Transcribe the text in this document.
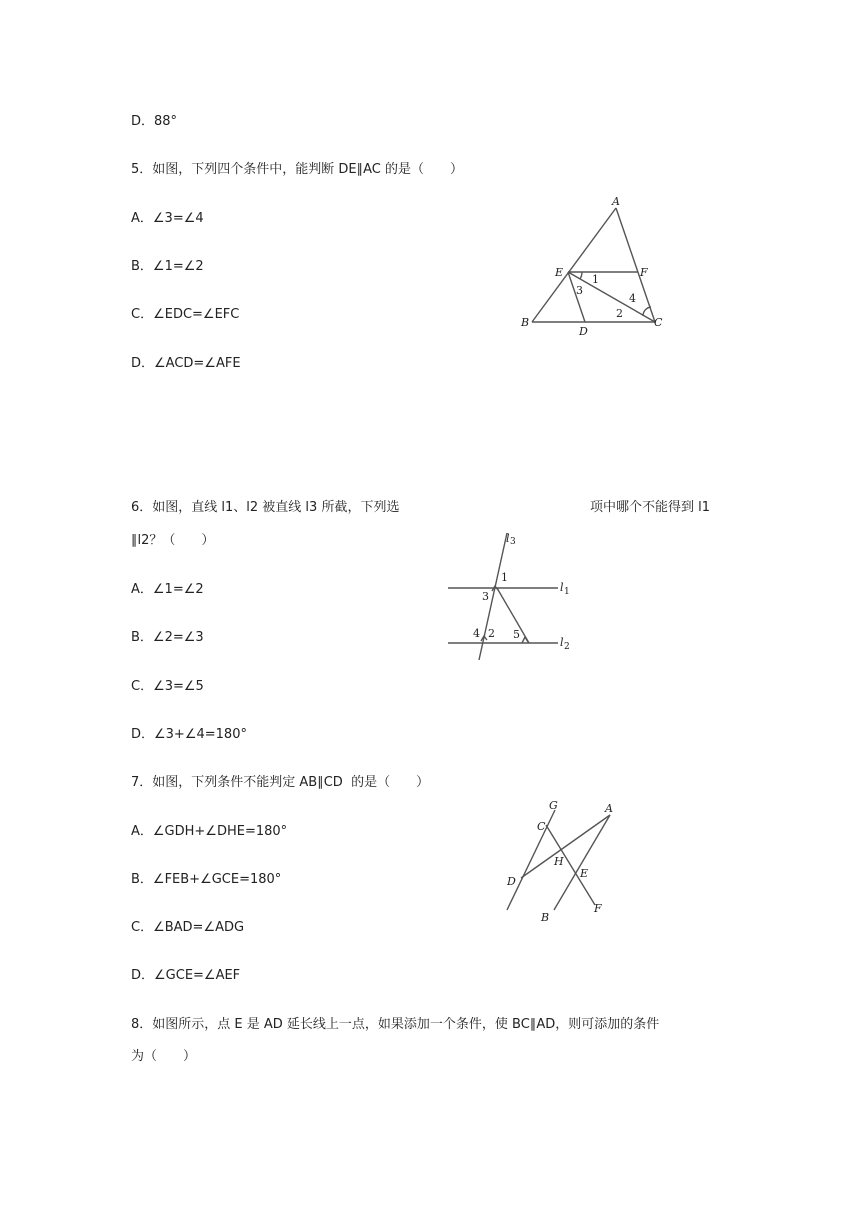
D．88°
5．如图，下列四个条件中，能判断 DE∥AC 的是（　　）
A．∠3=∠4
B．∠1=∠2
C．∠EDC=∠EFC
D．∠ACD=∠AFE
A
B	C
D
E	F
1
2
3
4
6．如图，直线 l1、l2 被直线 l3 所截，下列选	项中哪个不能得到 l1
∥l2？（　　）
A．∠1=∠2
B．∠2=∠3
C．∠3=∠5
D．∠3+∠4=180°
l 3
l 1
l 2
1
3
4 2 5
7．如图，下列条件不能判定 AB∥CD  的是（　　）
A．∠GDH+∠DHE=180°
B．∠FEB+∠GCE=180°
C．∠BAD=∠ADG
D．∠GCE=∠AEF
G	A
C
H
E
D
B
F
8．如图所示，点 E 是 AD 延长线上一点，如果添加一个条件，使 BC∥AD，则可添加的条件
为（　　）
